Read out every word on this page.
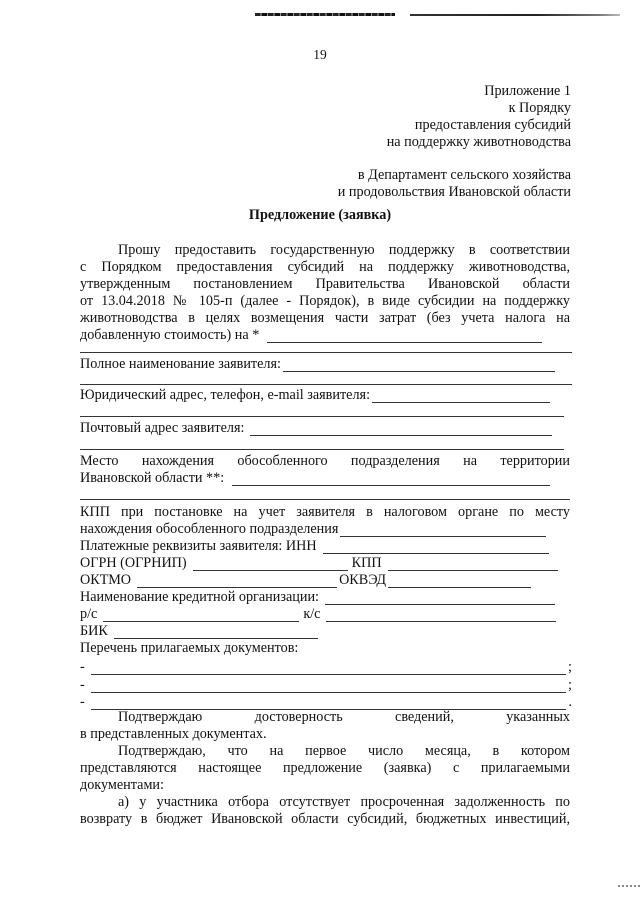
19
Приложение 1
к Порядку
предоставления субсидий
на поддержку животноводства
в Департамент сельского хозяйства
и продовольствия Ивановской области
Предложение (заявка)
Прошу предоставить государственную поддержку в соответствии
с Порядком предоставления субсидий на поддержку животноводства,
утвержденным постановлением Правительства Ивановской области
от 13.04.2018 № 105-п (далее - Порядок), в виде субсидии на поддержку
животноводства в целях возмещения части затрат (без учета налога на
добавленную стоимость) на *
Полное наименование заявителя:
Юридический адрес, телефон, e-mail заявителя:
Почтовый адрес заявителя:
Место нахождения обособленного подразделения на территории
Ивановской области **:
КПП при постановке на учет заявителя в налоговом органе по месту
нахождения обособленного подразделения
Платежные реквизиты заявителя: ИНН
ОГРН (ОГРНИП)	КПП
ОКТМО	ОКВЭД
Наименование кредитной организации:
р/с	к/с
БИК
Перечень прилагаемых документов:
-	;
-	;
-	.
Подтверждаю достоверность сведений, указанных
в представленных документах.
Подтверждаю, что на первое число месяца, в котором
представляются настоящее предложение (заявка) с прилагаемыми
документами:
а) у участника отбора отсутствует просроченная задолженность по
возврату в бюджет Ивановской области субсидий, бюджетных инвестиций,
